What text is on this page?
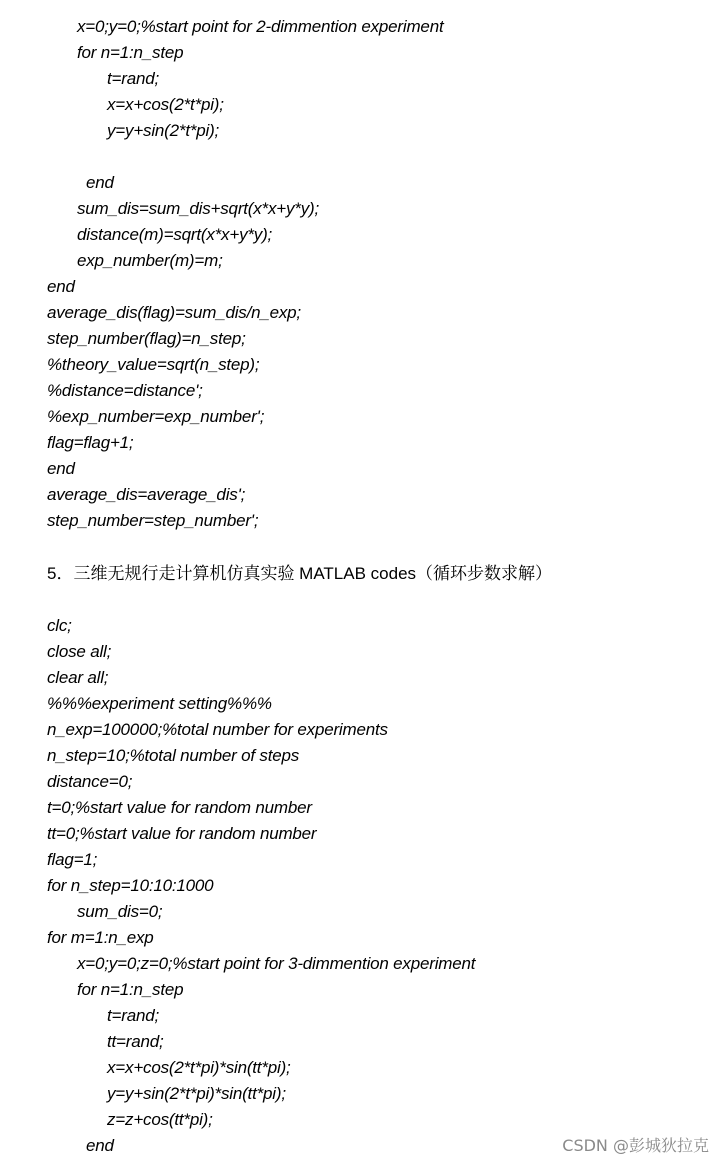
x=0;y=0;%start point for 2-dimmention experiment
for n=1:n_step
t=rand;
x=x+cos(2*t*pi);
y=y+sin(2*t*pi);
end
sum_dis=sum_dis+sqrt(x*x+y*y);
distance(m)=sqrt(x*x+y*y);
exp_number(m)=m;
end
average_dis(flag)=sum_dis/n_exp;
step_number(flag)=n_step;
%theory_value=sqrt(n_step);
%distance=distance';
%exp_number=exp_number';
flag=flag+1;
end
average_dis=average_dis';
step_number=step_number';
5．三维无规行走计算机仿真实验 MATLAB codes（循环步数求解）
clc;
close all;
clear all;
%%%experiment setting%%%
n_exp=100000;%total number for experiments
n_step=10;%total number of steps
distance=0;
t=0;%start value for random number
tt=0;%start value for random number
flag=1;
for n_step=10:10:1000
sum_dis=0;
for m=1:n_exp
x=0;y=0;z=0;%start point for 3-dimmention experiment
for n=1:n_step
t=rand;
tt=rand;
x=x+cos(2*t*pi)*sin(tt*pi);
y=y+sin(2*t*pi)*sin(tt*pi);
z=z+cos(tt*pi);
end	CSDN @彭城狄拉克
